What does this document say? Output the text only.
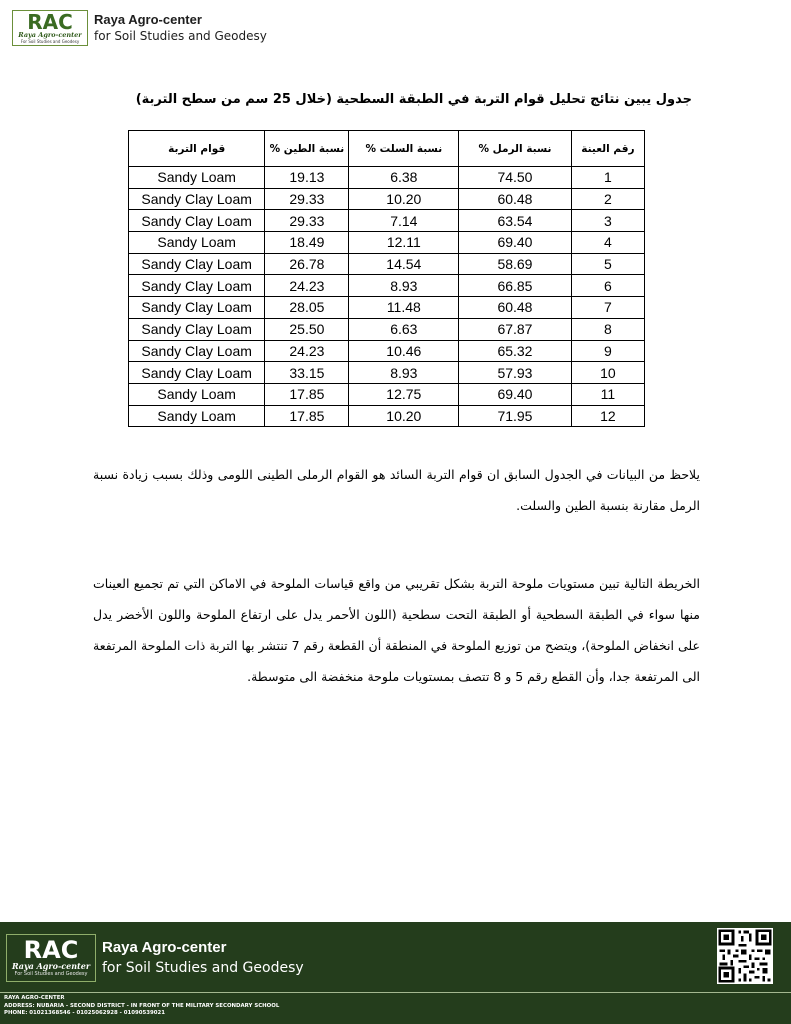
RAC
Raya Agro-center
For Soil Studies and Geodesy
Raya Agro-center
for Soil Studies and Geodesy
جدول يبين نتائج تحليل قوام التربة في الطبقة السطحية (خلال 25 سم من سطح التربة)
رقم العينة	نسبة الرمل %	نسبة السلت %	نسبة الطين %	قوام التربة
1	74.50	6.38	19.13	Sandy Loam
2	60.48	10.20	29.33	Sandy Clay Loam
3	63.54	7.14	29.33	Sandy Clay Loam
4	69.40	12.11	18.49	Sandy Loam
5	58.69	14.54	26.78	Sandy Clay Loam
6	66.85	8.93	24.23	Sandy Clay Loam
7	60.48	11.48	28.05	Sandy Clay Loam
8	67.87	6.63	25.50	Sandy Clay Loam
9	65.32	10.46	24.23	Sandy Clay Loam
10	57.93	8.93	33.15	Sandy Clay Loam
11	69.40	12.75	17.85	Sandy Loam
12	71.95	10.20	17.85	Sandy Loam
يلاحظ من البيانات في الجدول السابق ان قوام التربة السائد هو القوام الرملى الطينى اللومى وذلك بسبب زيادة نسبة الرمل مقارنة بنسبة الطين والسلت.
الخريطة التالية تبين مستويات ملوحة التربة بشكل تقريبي من واقع قياسات الملوحة في الاماكن التي تم تجميع العينات منها سواء في الطبقة السطحية أو الطبقة التحت سطحية (اللون الأحمر يدل على ارتفاع الملوحة واللون الأخضر يدل على انخفاض الملوحة)، ويتضح من توزيع الملوحة في المنطقة أن القطعة رقم 7 تنتشر بها التربة ذات الملوحة المرتفعة الى المرتفعة جدا، وأن القطع رقم 5 و 8 تتصف بمستويات ملوحة منخفضة الى متوسطة.
RAC
Raya Agro-center
For Soil Studies and Geodesy
Raya Agro-center
for Soil Studies and Geodesy
RAYA AGRO-CENTER
ADDRESS: NUBARIA - SECOND DISTRICT - IN FRONT OF THE MILITARY SECONDARY SCHOOL
PHONE: 01021368546 - 01025062928 - 01090539021
